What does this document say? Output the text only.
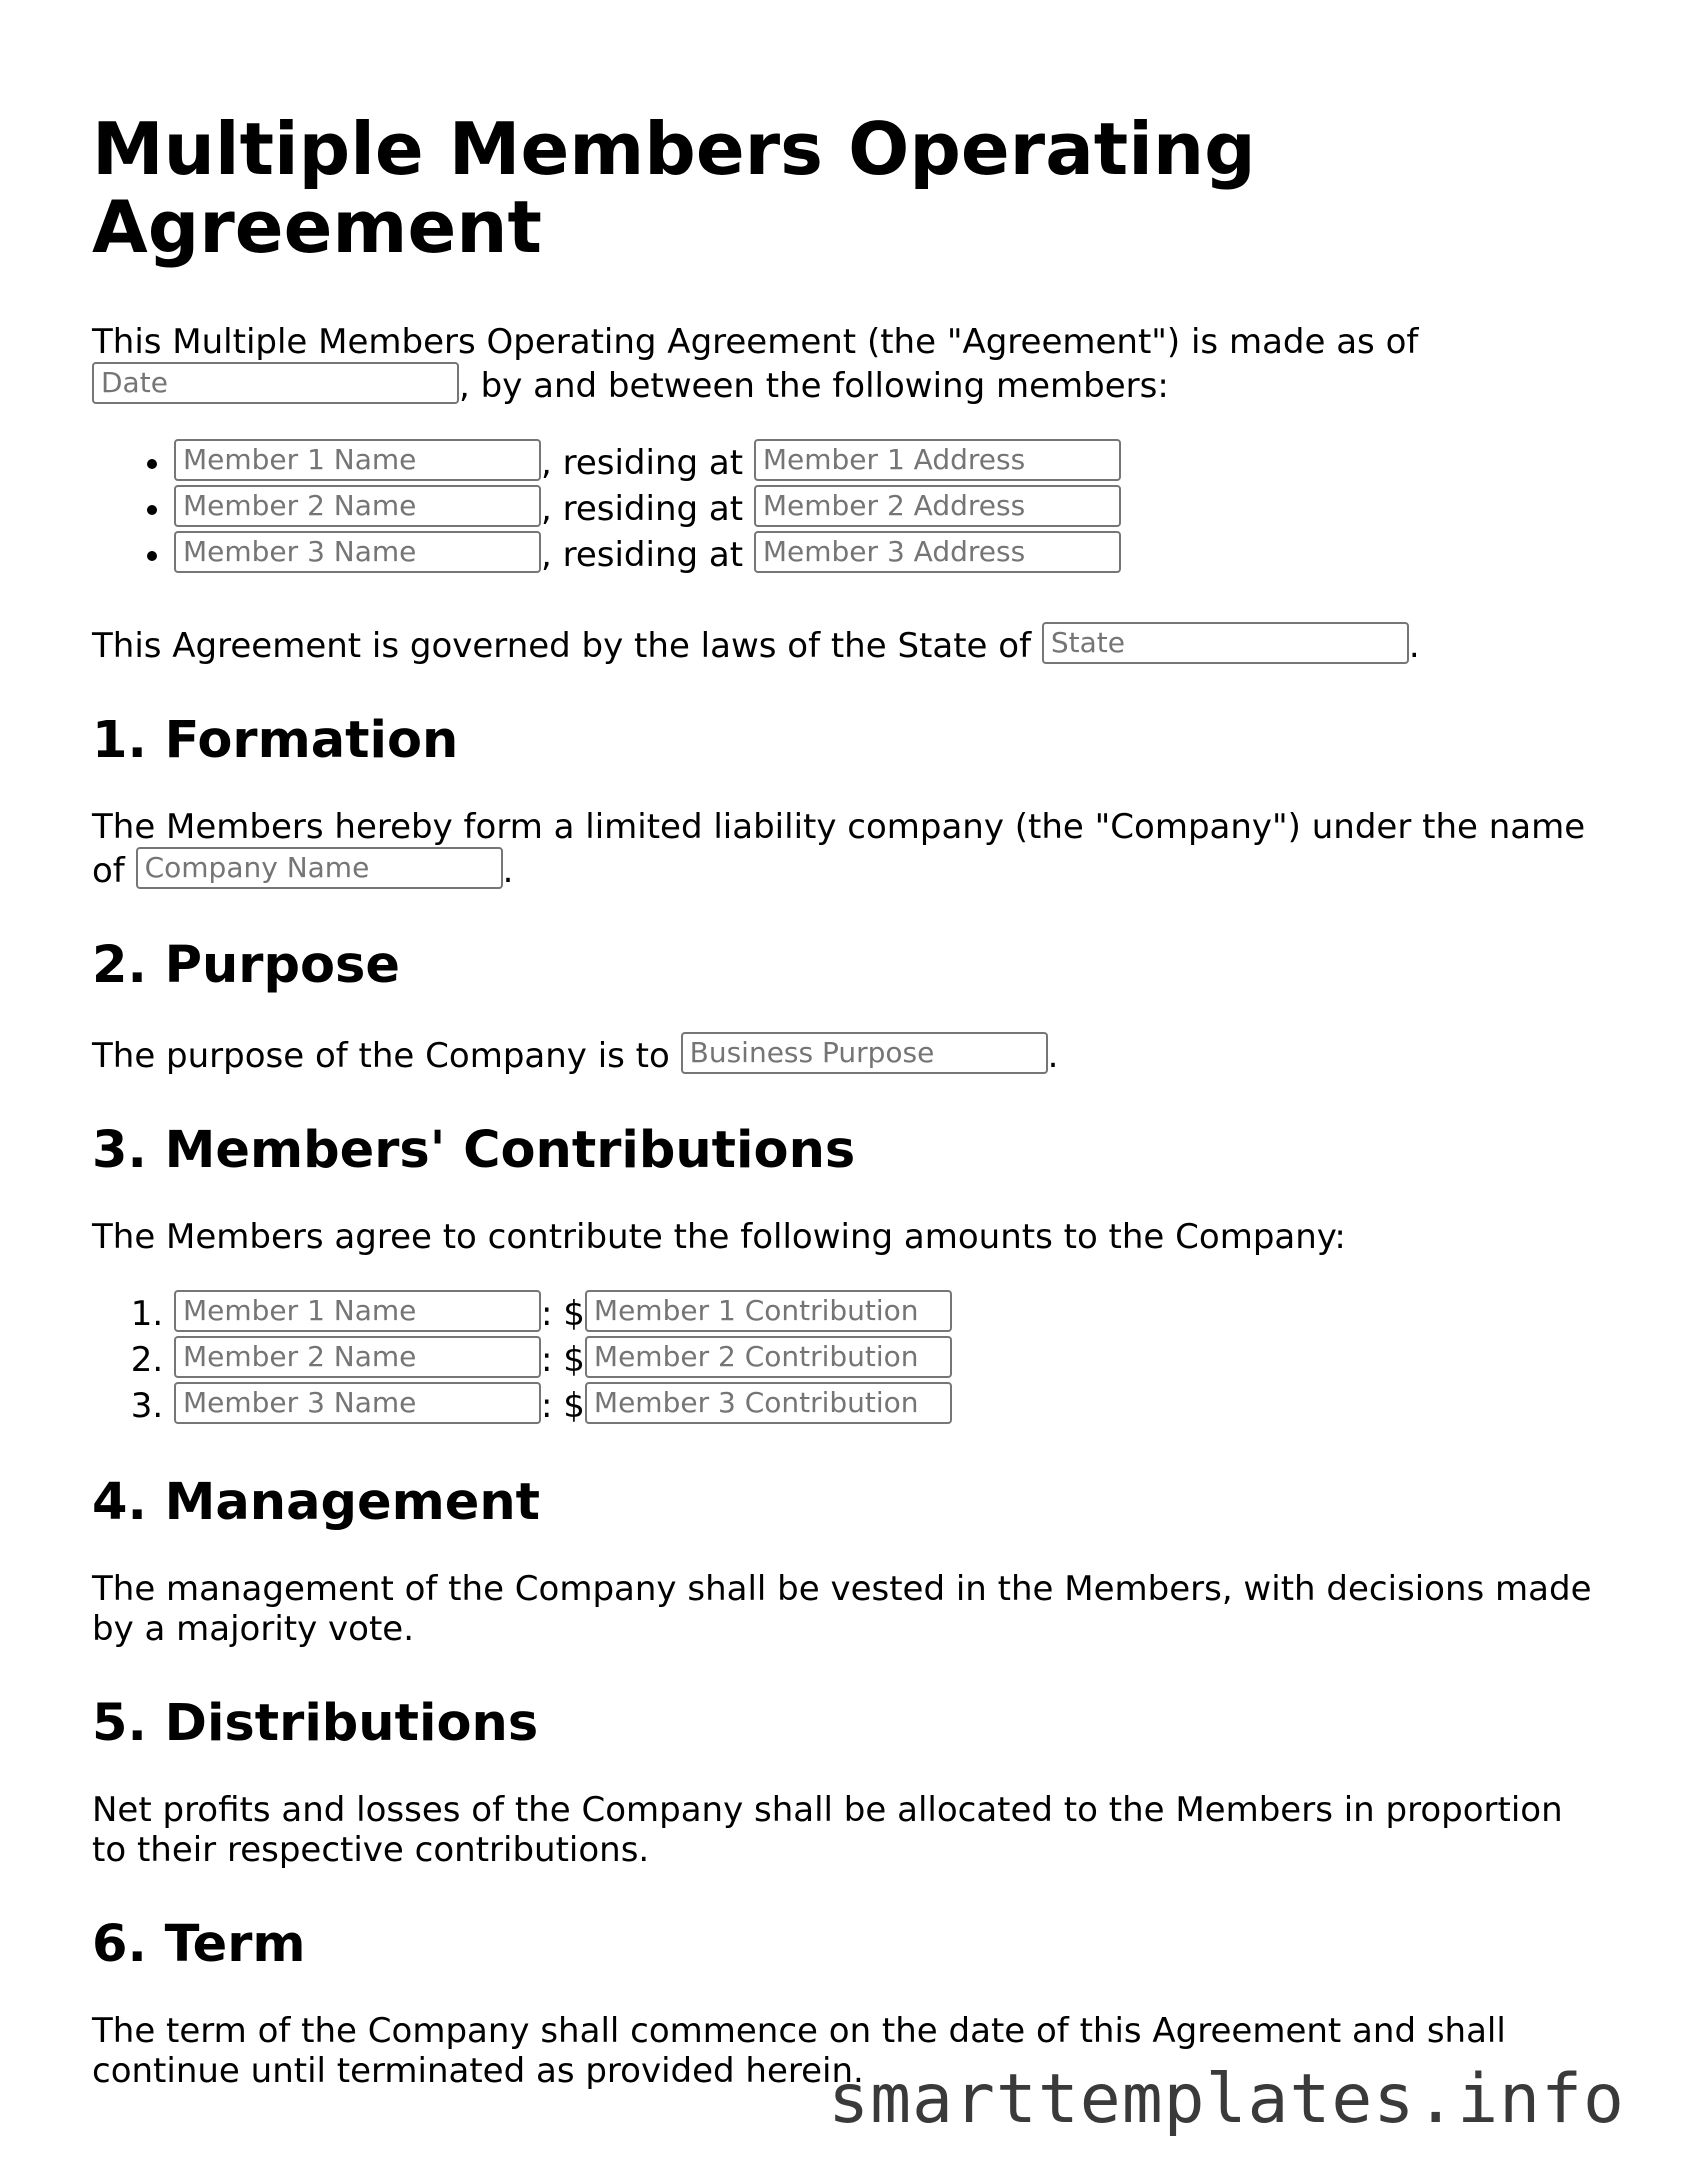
Multiple Members Operating Agreement

This Multiple Members Operating Agreement (the "Agreement") is made as of Date	, by and between the following members:

• Member 1 Name	, residing at Member 1 Address
• Member 2 Name	, residing at Member 2 Address
• Member 3 Name	, residing at Member 3 Address

This Agreement is governed by the laws of the State of State	.

1. Formation

The Members hereby form a limited liability company (the "Company") under the name of Company Name	.

2. Purpose

The purpose of the Company is to Business Purpose	.

3. Members' Contributions

The Members agree to contribute the following amounts to the Company:

1. Member 1 Name	: $ Member 1 Contribution
2. Member 2 Name	: $ Member 2 Contribution
3. Member 3 Name	: $ Member 3 Contribution
4. Management

The management of the Company shall be vested in the Members, with decisions made by a majority vote.

5. Distributions

Net profits and losses of the Company shall be allocated to the Members in proportion to their respective contributions.

6. Term

The term of the Company shall commence on the date of this Agreement and shall continue until terminated as provided herein.

smarttemplates.info
